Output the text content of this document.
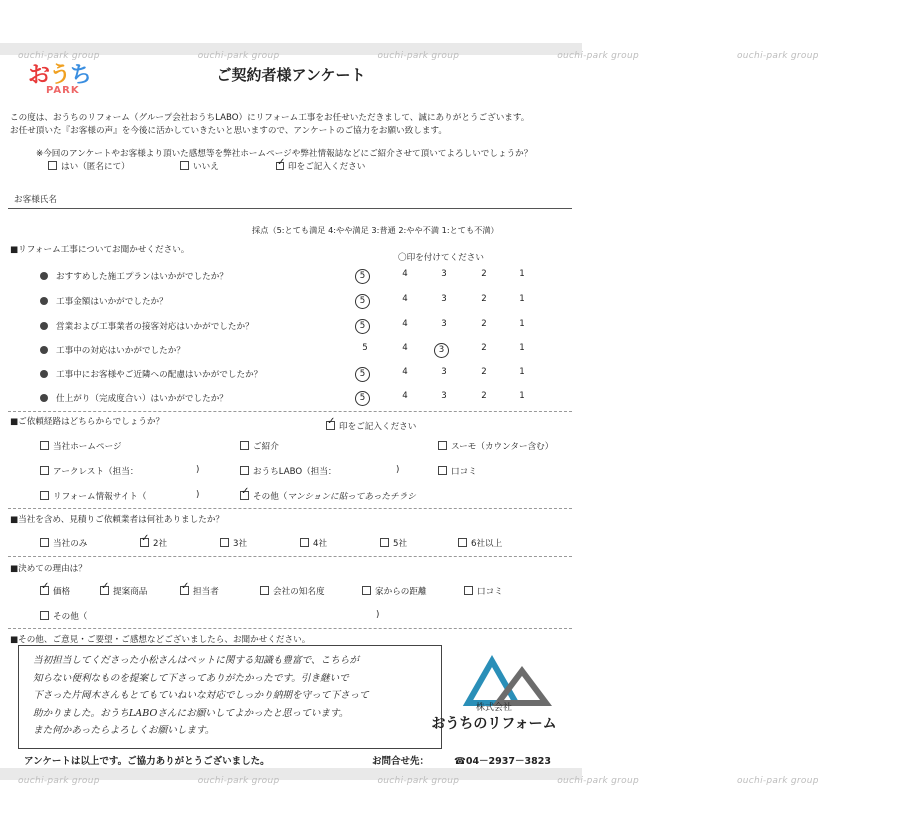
ouchi-park group	ouchi-park group	ouchi-park group	ouchi-park group	ouchi-park group
ouchi-park group	ouchi-park group	ouchi-park group	ouchi-park group	ouchi-park group
おうち
PARK
ご契約者様アンケート
この度は、おうちのリフォーム（グループ会社おうちLABO）にリフォーム工事をお任せいただきまして、誠にありがとうございます。
お任せ頂いた『お客様の声』を今後に活かしていきたいと思いますので、アンケートのご協力をお願い致します。
※今回のアンケートやお客様より頂いた感想等を弊社ホームページや弊社情報誌などにご紹介させて頂いてよろしいでしょうか？
はい（匿名にて）	いいえ ✓	印をご記入ください
お客様氏名
採点（5:とても満足 4:やや満足 3:普通 2:やや不満 1:とても不満）
■リフォーム工事についてお聞かせください。
〇印を付けてください
おすすめした施工プランはいかがでしたか？	5	4	3	2	1
工事金額はいかがでしたか？	5	4	3	2	1
営業および工事業者の接客対応はいかがでしたか？	5	4	3	2	1
工事中の対応はいかがでしたか？	5	4	3	2	1
工事中にお客様やご近隣への配慮はいかがでしたか？	5	4	3	2	1
仕上がり（完成度合い）はいかがでしたか？	5	4	3	2	1
■ご依頼経路はどちらからでしょうか？ ✓	印をご記入ください
当社ホームページ	ご紹介	スーモ（カウンター含む）
アークレスト（担当：	)	おうちLABO（担当：	)	口コミ
リフォーム情報サイト（	) ✓	その他（マンションに貼ってあったチラシ
■当社を含め、見積りご依頼業者は何社ありましたか？
当社のみ ✓	2社	3社	4社	5社	6社以上
■決めての理由は？
✓価格 ✓	提案商品 ✓	担当者	会社の知名度	家からの距離	口コミ
その他（	)
■その他、ご意見・ご要望・ご感想などございましたら、お聞かせください。
当初担当してくださった小松さんはペットに関する知識も豊富で、こちらが
知らない便利なものを提案して下さってありがたかったです。引き継いで
下さった片岡木さんもとてもていねいな対応でしっかり納期を守って下さって
助かりました。おうちLABOさんにお願いしてよかったと思っています。
また何かあったらよろしくお願いします。
株式会社
おうちのリフォーム
アンケートは以上です。ご協力ありがとうございました。	お問合せ先：	☎04－2937－3823
